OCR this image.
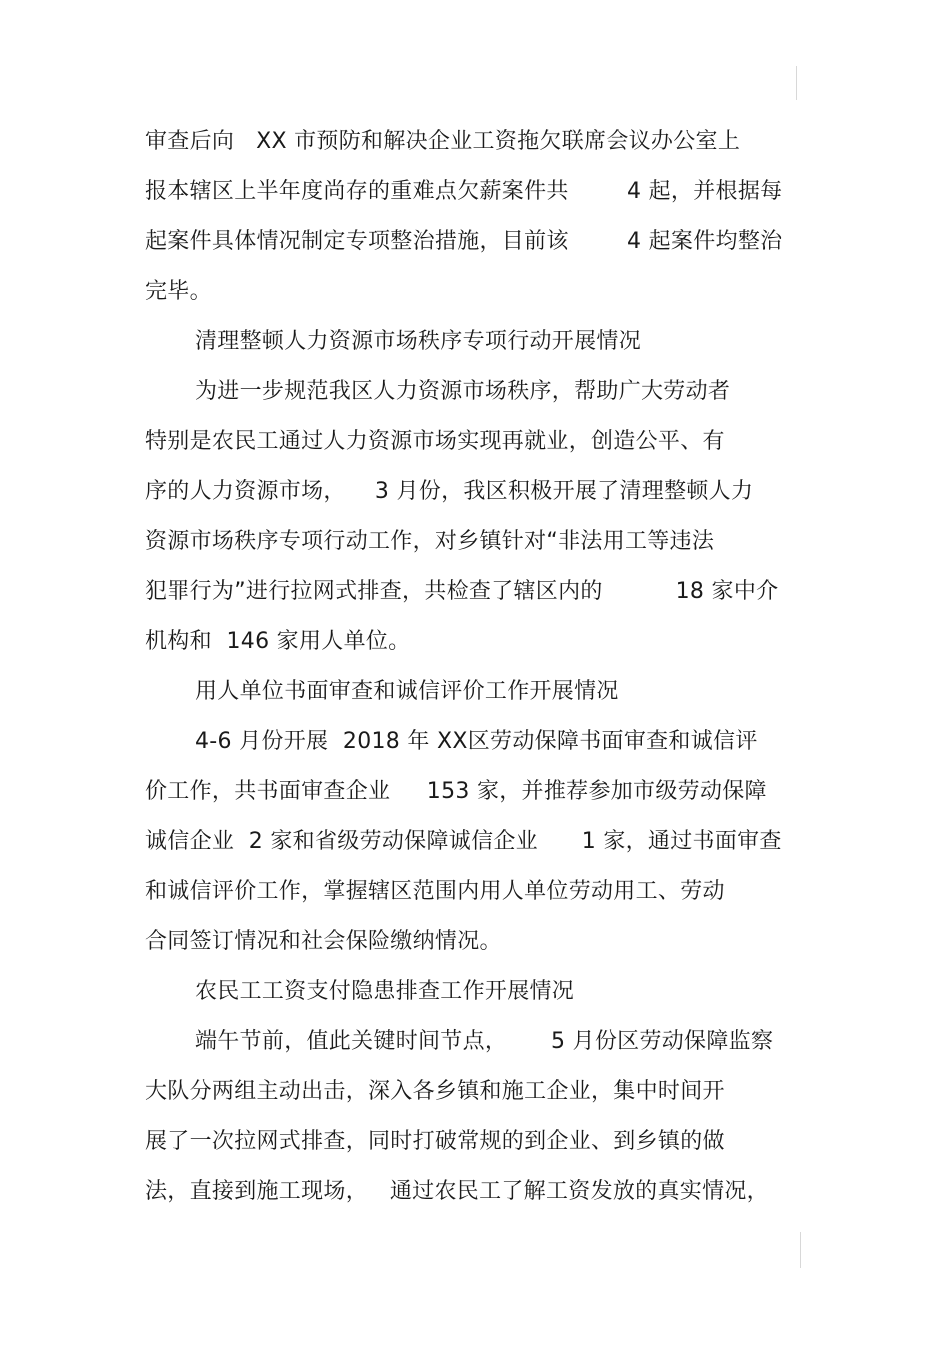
审查后向   XX 市预防和解决企业工资拖欠联席会议办公室上
报本辖区上半年度尚存的重难点欠薪案件共        4 起，并根据每
起案件具体情况制定专项整治措施，目前该        4 起案件均整治
完毕。
清理整顿人力资源市场秩序专项行动开展情况
为进一步规范我区人力资源市场秩序，帮助广大劳动者
特别是农民工通过人力资源市场实现再就业，创造公平、有
序的人力资源市场，    3 月份，我区积极开展了清理整顿人力
资源市场秩序专项行动工作，对乡镇针对“非法用工等违法
犯罪行为”进行拉网式排查，共检查了辖区内的          18 家中介
机构和  146 家用人单位。
用人单位书面审查和诚信评价工作开展情况
4-6 月份开展  2018 年 XX区劳动保障书面审查和诚信评
价工作，共书面审查企业     153 家，并推荐参加市级劳动保障
诚信企业  2 家和省级劳动保障诚信企业      1 家，通过书面审查
和诚信评价工作，掌握辖区范围内用人单位劳动用工、劳动
合同签订情况和社会保险缴纳情况。
农民工工资支付隐患排查工作开展情况
端午节前，值此关键时间节点，      5 月份区劳动保障监察
大队分两组主动出击，深入各乡镇和施工企业，集中时间开
展了一次拉网式排查，同时打破常规的到企业、到乡镇的做
法，直接到施工现场，   通过农民工了解工资发放的真实情况，
